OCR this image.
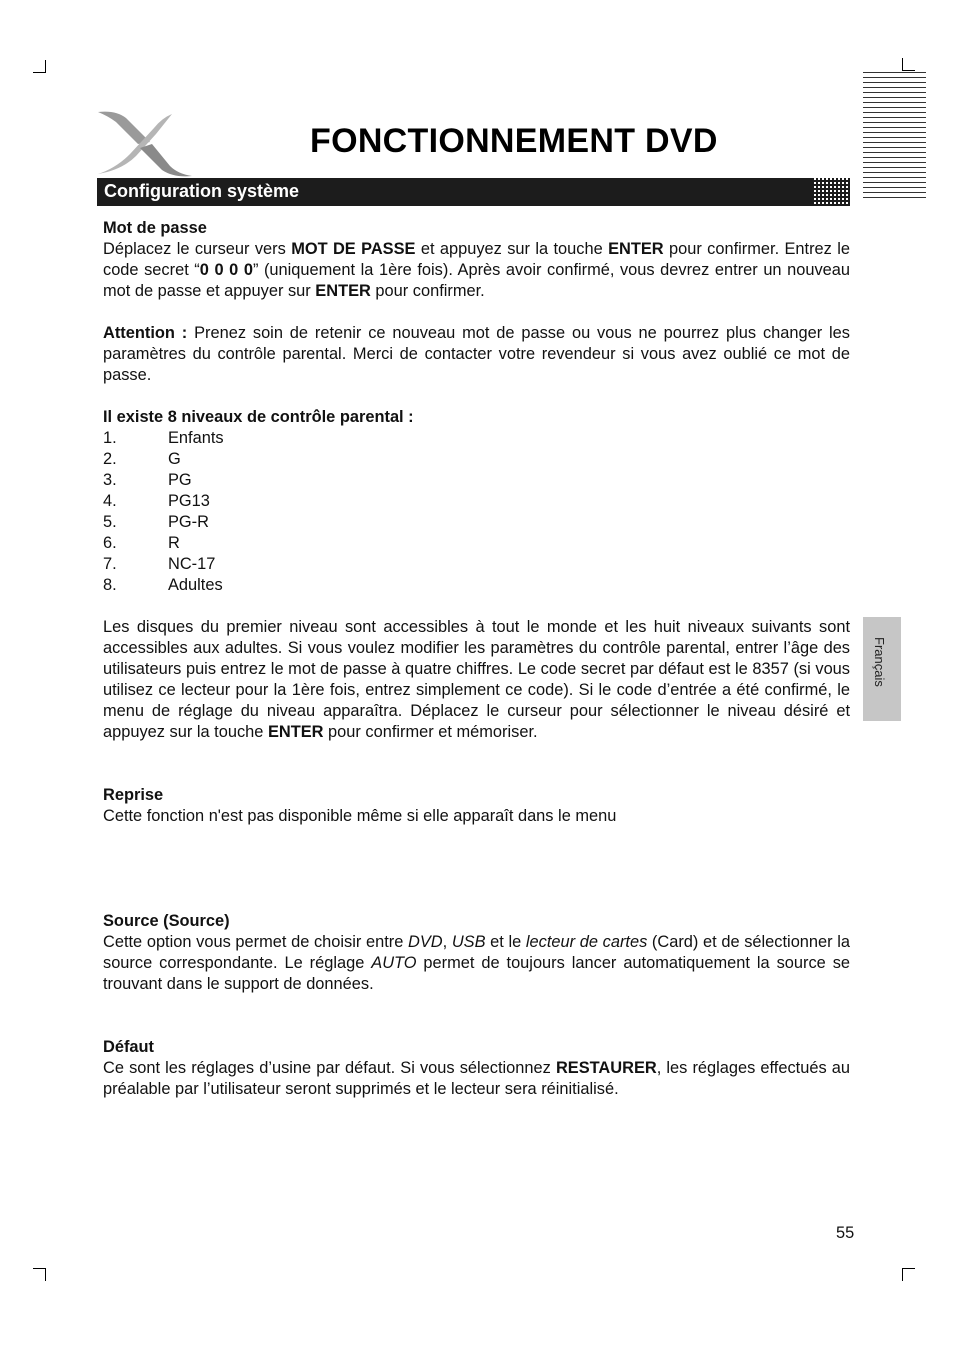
FONCTIONNEMENT DVD
Configuration système
Français
Mot de passe

Déplacez le curseur vers MOT DE PASSE et appuyez sur la touche ENTER pour confirmer. Entrez le code secret “0 0 0 0” (uniquement la 1ère fois). Après avoir confirmé, vous devrez entrer un nouveau mot de passe et appuyer sur ENTER pour confirmer.

Attention : Prenez soin de retenir ce nouveau mot de passe ou vous ne pourrez plus changer les paramètres du contrôle parental. Merci de contacter votre revendeur si vous avez oublié ce mot de passe.

Il existe 8 niveaux de contrôle parental :
1.	Enfants
2.	G
3.	PG
4.	PG13
5.	PG-R
6.	R
7.	NC-17
8.	Adultes

Les disques du premier niveau sont accessibles à tout le monde et les huit niveaux suivants sont accessibles aux adultes. Si vous voulez modifier les paramètres du contrôle parental, entrer l’âge des utilisateurs puis entrez le mot de passe à quatre chiffres. Le code secret par défaut est le 8357 (si vous utilisez ce lecteur pour la 1ère fois, entrez simplement ce code). Si le code d’entrée a été confirmé, le menu de réglage du niveau apparaîtra. Déplacez le curseur pour sélectionner le niveau désiré et appuyez sur la touche ENTER pour confirmer et mémoriser.

Reprise

Cette fonction n'est pas disponible même si elle apparaît dans le menu

Source (Source)

Cette option vous permet de choisir entre DVD, USB et le lecteur de cartes (Card) et de sélectionner la source correspondante. Le réglage AUTO permet de toujours lancer automatiquement la source se trouvant dans le support de données.

Défaut

Ce sont les réglages d’usine par défaut. Si vous sélectionnez RESTAURER, les réglages effectués au préalable par l’utilisateur seront supprimés et le lecteur sera réinitialisé.

55
